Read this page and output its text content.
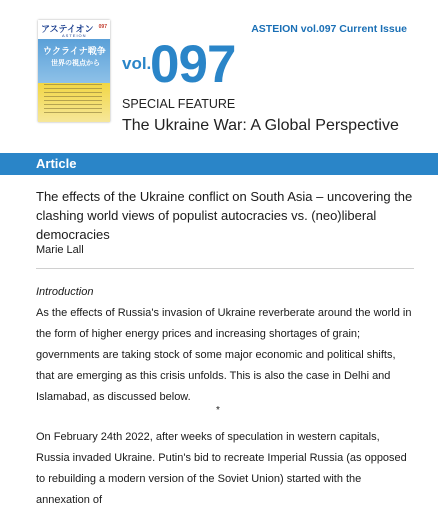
アステイオン
ASTEION
097
ウクライナ戦争
世界の視点から
ASTEION vol.097 Current Issue
vol.
097
SPECIAL FEATURE
The Ukraine War: A Global Perspective
Article
The effects of the Ukraine conflict on South Asia – uncovering the clashing world views of populist autocracies vs. (neo)liberal democracies
Marie Lall
Introduction
As the effects of Russia's invasion of Ukraine reverberate around the world in the form of higher energy prices and increasing shortages of grain; governments are taking stock of some major economic and political shifts, that are emerging as this crisis unfolds. This is also the case in Delhi and Islamabad, as discussed below.
*
On February 24th 2022, after weeks of speculation in western capitals, Russia invaded Ukraine. Putin's bid to recreate Imperial Russia (as opposed to rebuilding a modern version of the Soviet Union) started with the annexation of
